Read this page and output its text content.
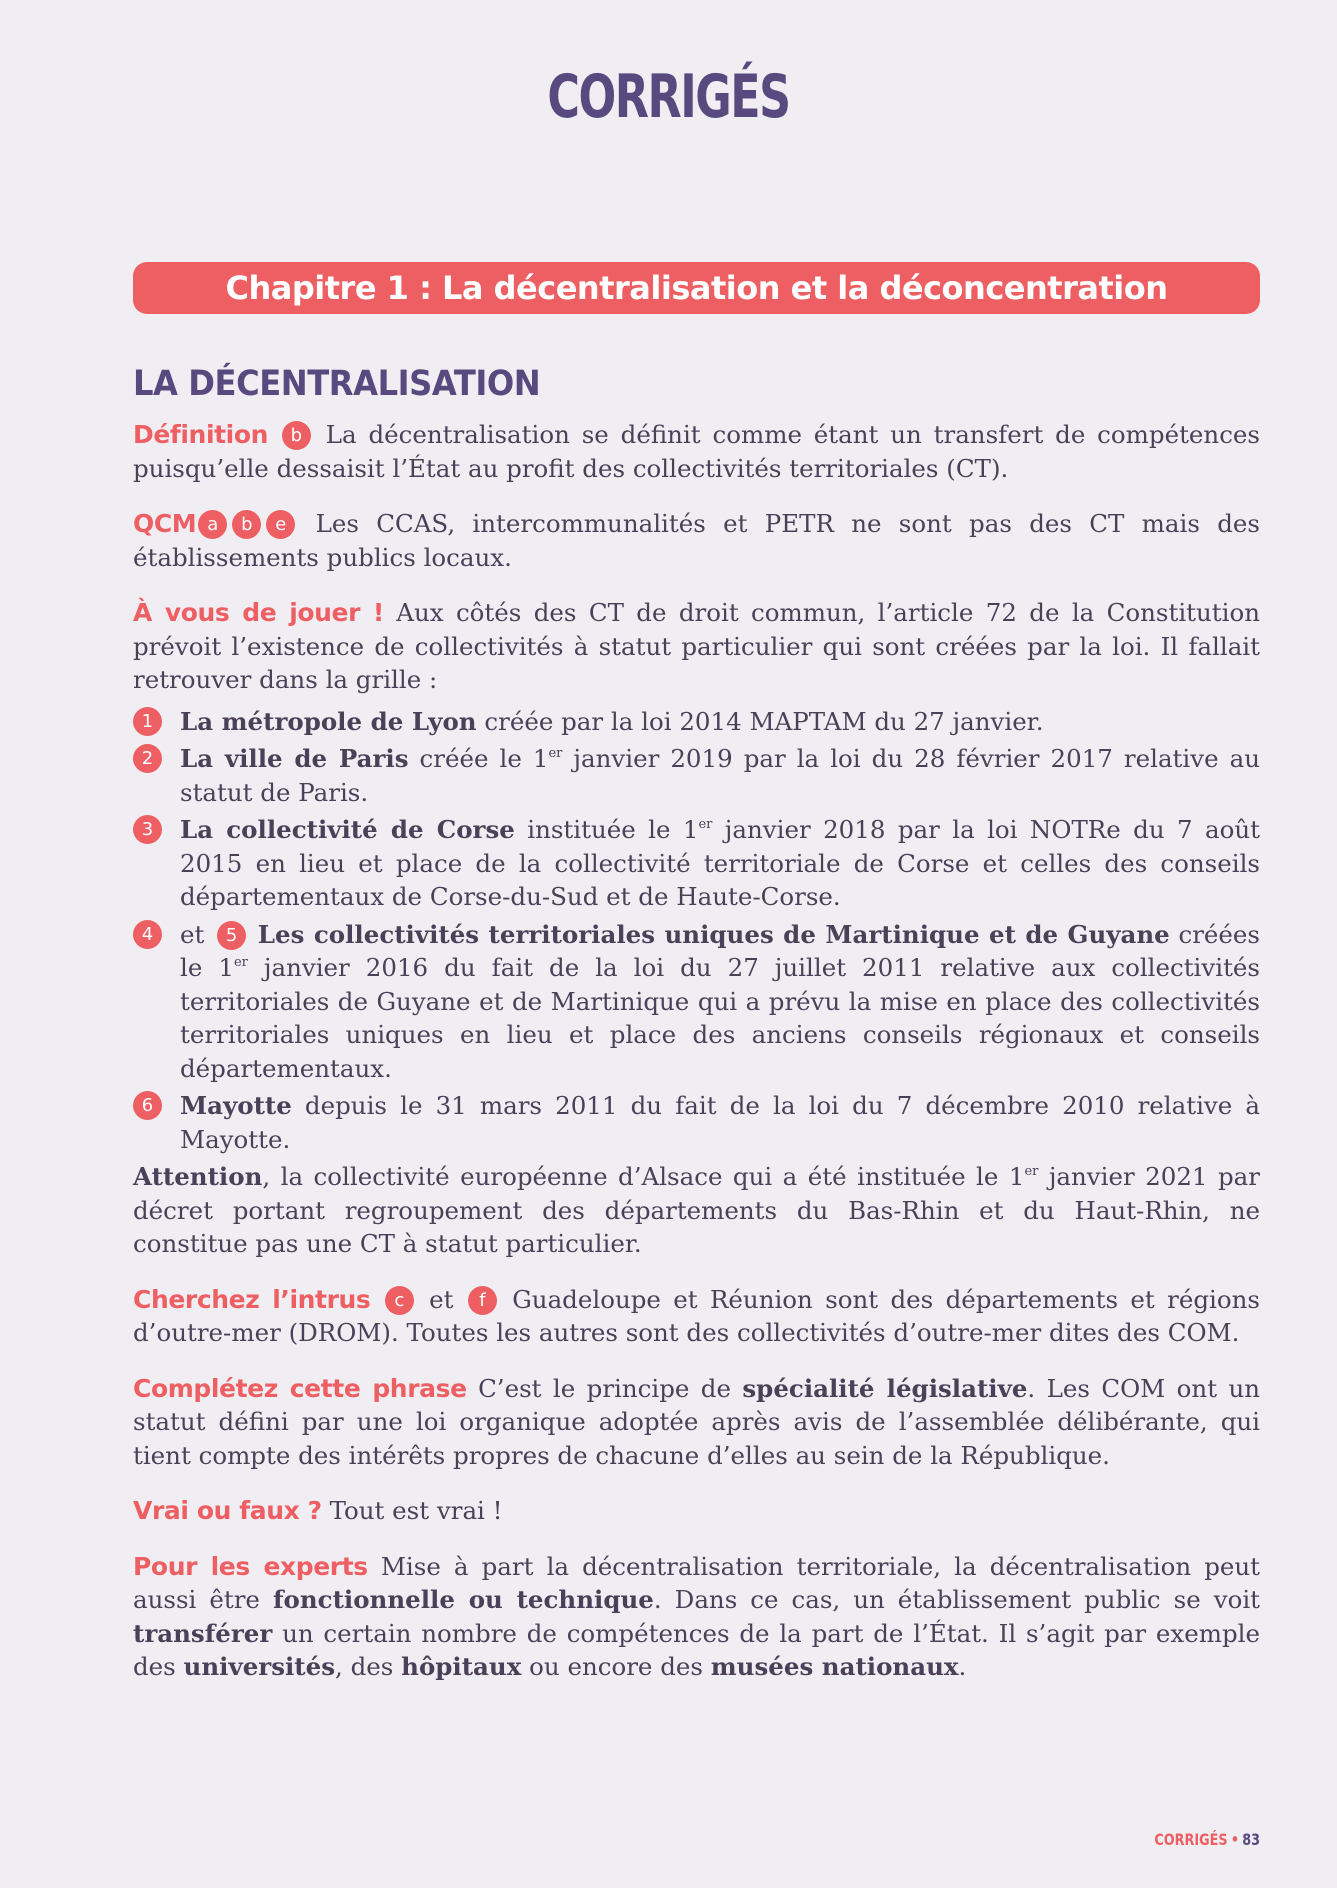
CORRIGÉS
Chapitre 1 : La décentralisation et la déconcentration
LA DÉCENTRALISATION

Définition b La décentralisation se définit comme étant un transfert de compétences puisqu’elle dessaisit l’État au profit des collectivités territoriales (CT).

QCM a b e Les CCAS, intercommunalités et PETR ne sont pas des CT mais des établissements publics locaux.

À vous de jouer ! Aux côtés des CT de droit commun, l’article 72 de la Constitution prévoit l’existence de collectivités à statut particulier qui sont créées par la loi. Il fallait retrouver dans la grille :

1	La métropole de Lyon créée par la loi 2014 MAPTAM du 27 janvier.
2	La ville de Paris créée le 1er janvier 2019 par la loi du 28 février 2017 relative au statut de Paris.
3	La collectivité de Corse instituée le 1er janvier 2018 par la loi NOTRe du 7 août 2015 en lieu et place de la collectivité territoriale de Corse et celles des conseils départementaux de Corse-du-Sud et de Haute-Corse.
4	et 5 Les collectivités territoriales uniques de Martinique et de Guyane créées le 1er janvier 2016 du fait de la loi du 27 juillet 2011 relative aux collectivités territoriales de Guyane et de Martinique qui a prévu la mise en place des collectivités territoriales uniques en lieu et place des anciens conseils régionaux et conseils départementaux.
6	Mayotte depuis le 31 mars 2011 du fait de la loi du 7 décembre 2010 relative à Mayotte.

Attention, la collectivité européenne d’Alsace qui a été instituée le 1er janvier 2021 par décret portant regroupement des départements du Bas-Rhin et du Haut-Rhin, ne constitue pas une CT à statut particulier.

Cherchez l’intrus c et f Guadeloupe et Réunion sont des départements et régions d’outre-mer (DROM). Toutes les autres sont des collectivités d’outre-mer dites des COM.

Complétez cette phrase C’est le principe de spécialité législative. Les COM ont un statut défini par une loi organique adoptée après avis de l’assemblée délibérante, qui tient compte des intérêts propres de chacune d’elles au sein de la République.

Vrai ou faux ? Tout est vrai !

Pour les experts Mise à part la décentralisation territoriale, la décentralisation peut aussi être fonctionnelle ou technique. Dans ce cas, un établissement public se voit transférer un certain nombre de compétences de la part de l’État. Il s’agit par exemple des universités, des hôpitaux ou encore des musées nationaux.

CORRIGÉS • 83
